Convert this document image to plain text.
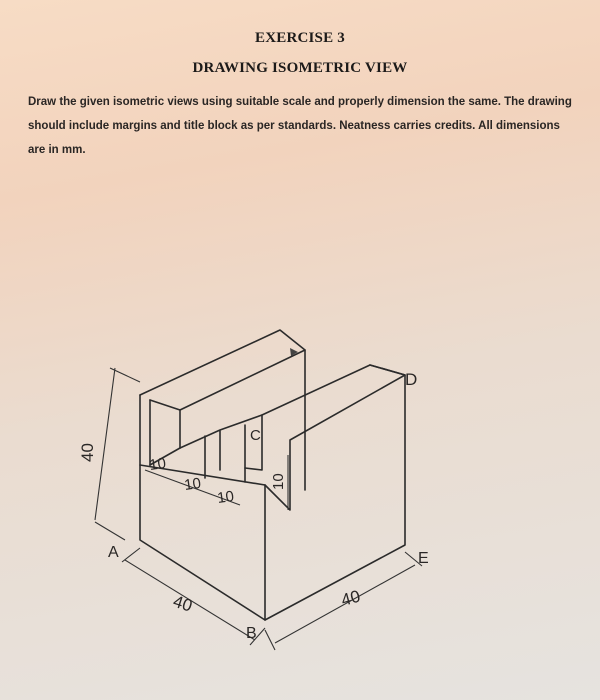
EXERCISE 3
DRAWING ISOMETRIC VIEW
Draw the given isometric views using suitable scale and properly dimension the same. The drawing should include margins and title block as per standards. Neatness carries credits. All dimensions are in mm.
40
10
10
10
10
40	40
A
B
C
D
E
